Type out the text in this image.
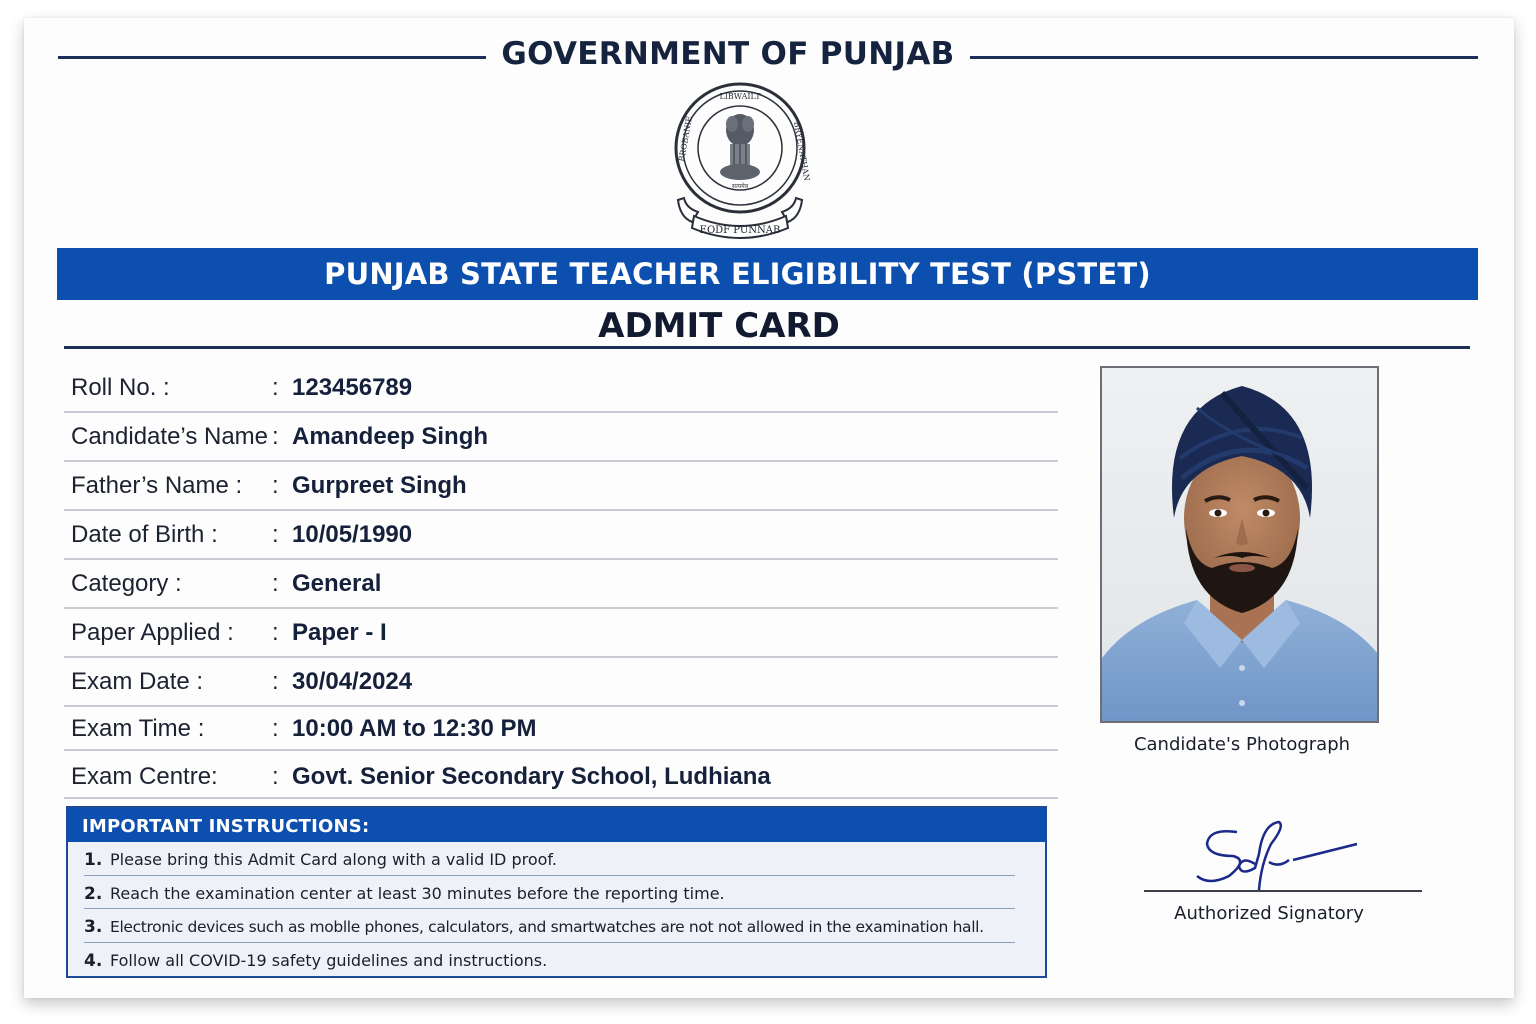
GOVERNMENT OF PUNJAB
LIBWAILT
BROBANIE	BRYENATHAN
सत्यमेव
EODF PUNNAB
PUNJAB STATE TEACHER ELIGIBILITY TEST (PSTET)
ADMIT CARD
Roll No. :	: 123456789
Candidate’s Name : Amandeep Singh
Father’s Name : : Gurpreet Singh
Date of Birth : : 10/05/1990
Category :	: General
Paper Applied : : Paper - I
Exam Date :	: 30/04/2024
Exam Time :	: 10:00 AM to 12:30 PM
Exam Centre: : Govt. Senior Secondary School, Ludhiana
IMPORTANT INSTRUCTIONS:
1. Please bring this Admit Card along with a valid ID proof.
2. Reach the examination center at least 30 minutes before the reporting time.
3. Electronic devices such as moblle phones, calculators, and smartwatches are not not allowed in the examination hall.
4. Follow all COVID-19 safety guidelines and instructions.
Candidate's Photograph
Authorized Signatory
